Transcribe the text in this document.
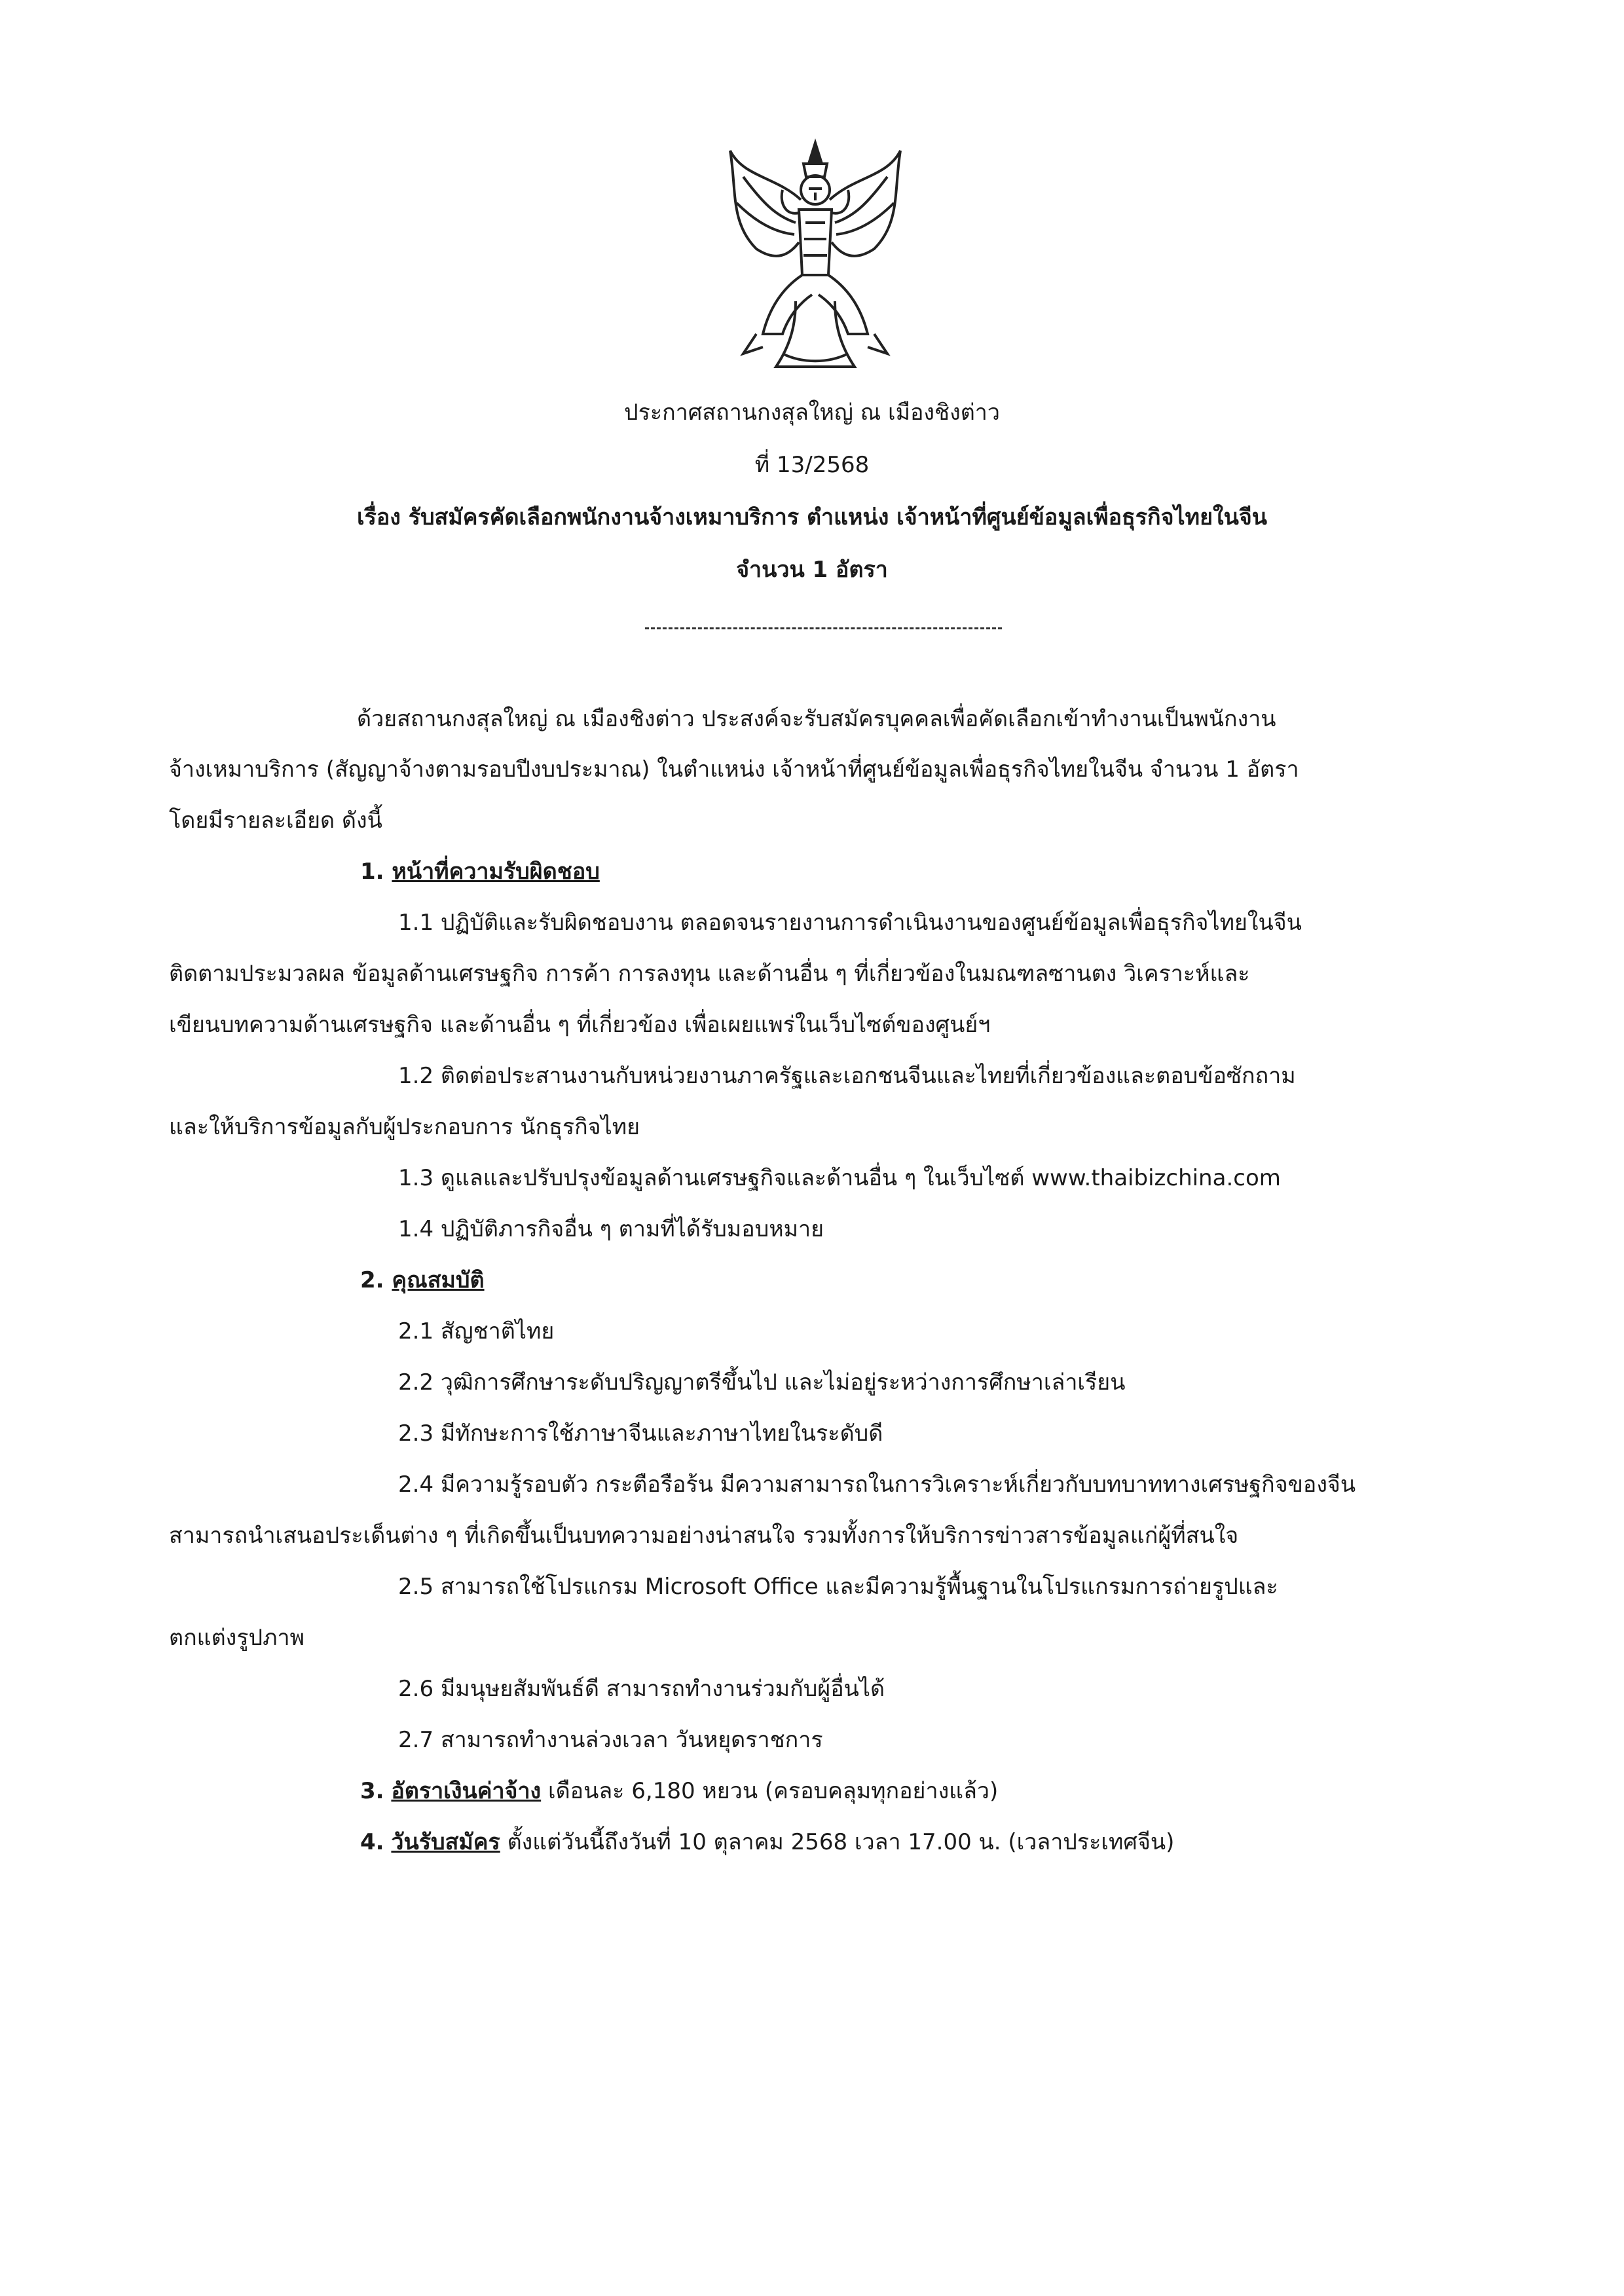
ประกาศสถานกงสุลใหญ่ ณ เมืองชิงต่าว
ที่ 13/2568
เรื่อง รับสมัครคัดเลือกพนักงานจ้างเหมาบริการ ตำแหน่ง เจ้าหน้าที่ศูนย์ข้อมูลเพื่อธุรกิจไทยในจีน
จำนวน 1 อัตรา
ด้วยสถานกงสุลใหญ่ ณ เมืองชิงต่าว ประสงค์จะรับสมัครบุคคลเพื่อคัดเลือกเข้าทำงานเป็นพนักงาน
จ้างเหมาบริการ (สัญญาจ้างตามรอบปีงบประมาณ) ในตำแหน่ง เจ้าหน้าที่ศูนย์ข้อมูลเพื่อธุรกิจไทยในจีน จำนวน 1 อัตรา
โดยมีรายละเอียด ดังนี้
1. หน้าที่ความรับผิดชอบ
1.1 ปฏิบัติและรับผิดชอบงาน ตลอดจนรายงานการดำเนินงานของศูนย์ข้อมูลเพื่อธุรกิจไทยในจีน
ติดตามประมวลผล ข้อมูลด้านเศรษฐกิจ การค้า การลงทุน และด้านอื่น ๆ ที่เกี่ยวข้องในมณฑลซานตง วิเคราะห์และ
เขียนบทความด้านเศรษฐกิจ และด้านอื่น ๆ ที่เกี่ยวข้อง เพื่อเผยแพร่ในเว็บไซต์ของศูนย์ฯ
1.2 ติดต่อประสานงานกับหน่วยงานภาครัฐและเอกชนจีนและไทยที่เกี่ยวข้องและตอบข้อซักถาม
และให้บริการข้อมูลกับผู้ประกอบการ นักธุรกิจไทย
1.3 ดูแลและปรับปรุงข้อมูลด้านเศรษฐกิจและด้านอื่น ๆ ในเว็บไซต์ www.thaibizchina.com
1.4 ปฏิบัติภารกิจอื่น ๆ ตามที่ได้รับมอบหมาย
2. คุณสมบัติ
2.1 สัญชาติไทย
2.2 วุฒิการศึกษาระดับปริญญาตรีขึ้นไป และไม่อยู่ระหว่างการศึกษาเล่าเรียน
2.3 มีทักษะการใช้ภาษาจีนและภาษาไทยในระดับดี
2.4 มีความรู้รอบตัว กระตือรือร้น มีความสามารถในการวิเคราะห์เกี่ยวกับบทบาททางเศรษฐกิจของจีน
สามารถนำเสนอประเด็นต่าง ๆ ที่เกิดขึ้นเป็นบทความอย่างน่าสนใจ รวมทั้งการให้บริการข่าวสารข้อมูลแก่ผู้ที่สนใจ
2.5 สามารถใช้โปรแกรม Microsoft Office และมีความรู้พื้นฐานในโปรแกรมการถ่ายรูปและ
ตกแต่งรูปภาพ
2.6 มีมนุษยสัมพันธ์ดี สามารถทำงานร่วมกับผู้อื่นได้
2.7 สามารถทำงานล่วงเวลา วันหยุดราชการ
3. อัตราเงินค่าจ้าง เดือนละ 6,180 หยวน (ครอบคลุมทุกอย่างแล้ว)
4. วันรับสมัคร ตั้งแต่วันนี้ถึงวันที่ 10 ตุลาคม 2568 เวลา 17.00 น. (เวลาประเทศจีน)
